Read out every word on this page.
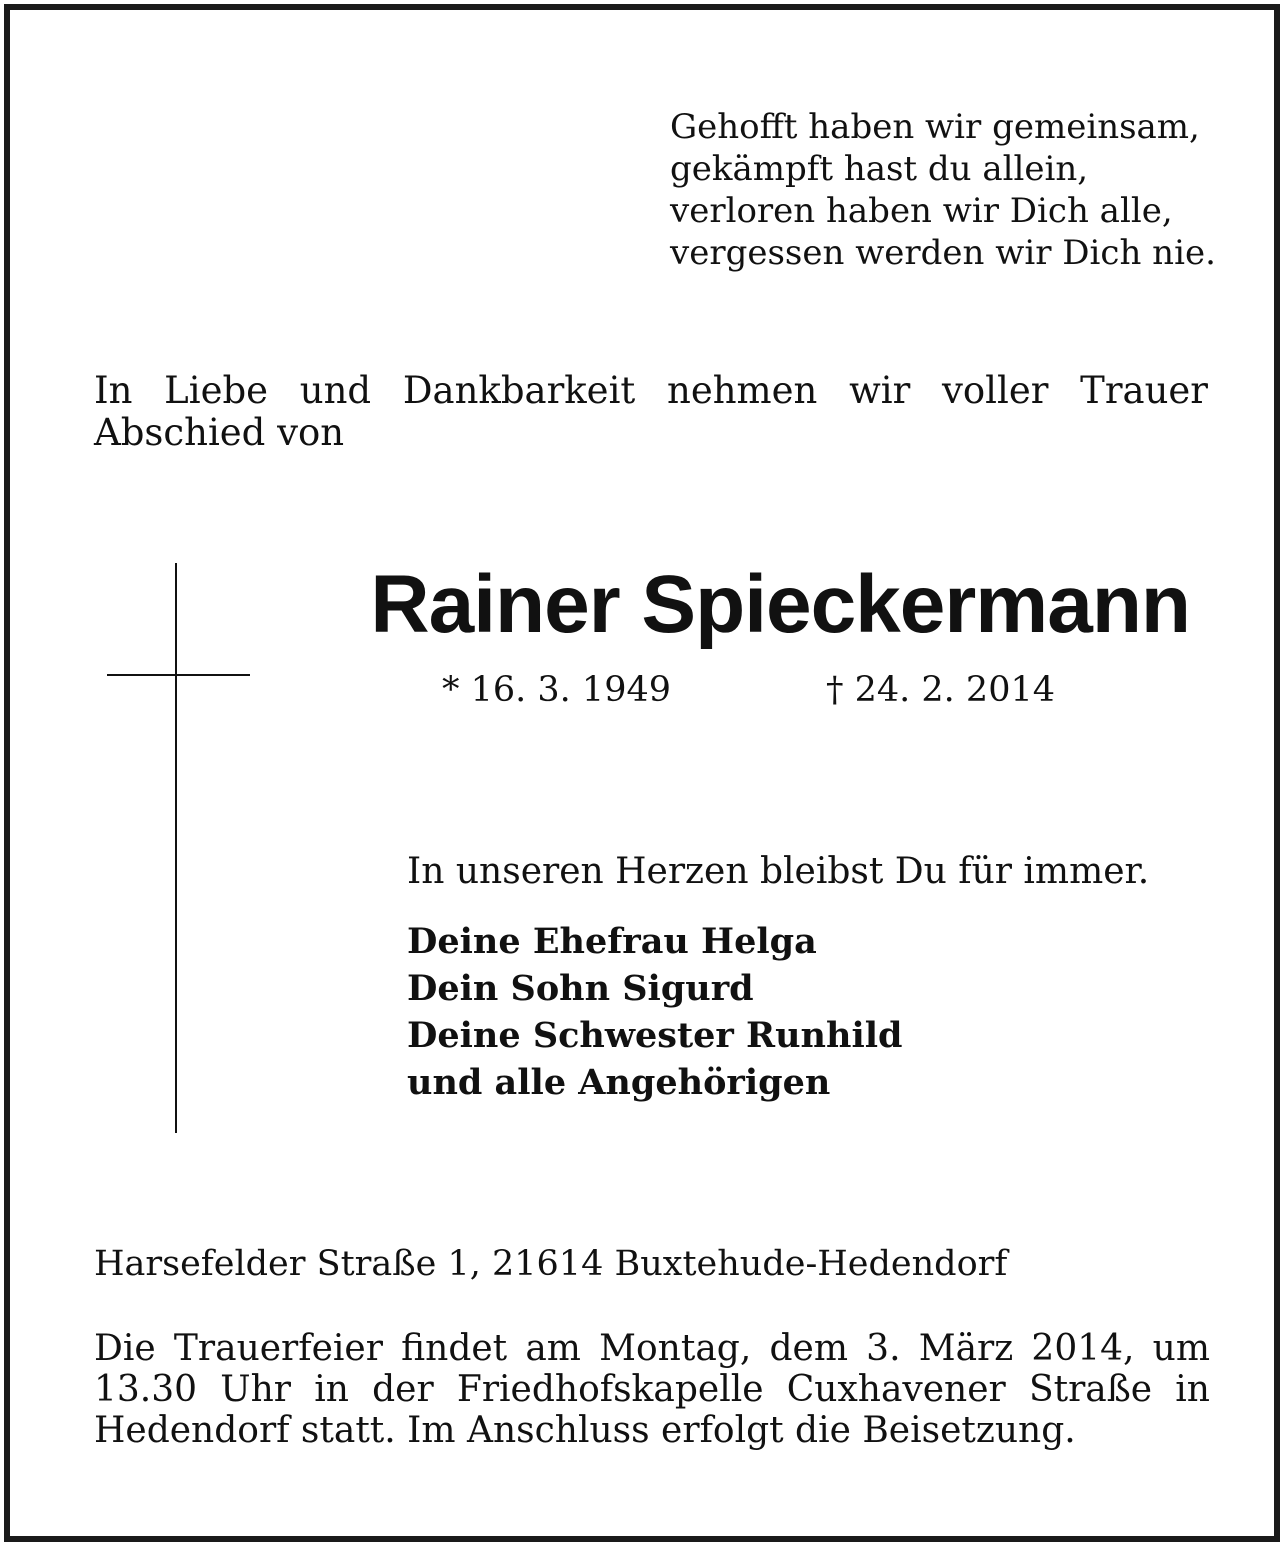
Gehofft haben wir gemeinsam,
gekämpft hast du allein,
verloren haben wir Dich alle,
vergessen werden wir Dich nie.
In Liebe und Dankbarkeit nehmen wir voller Trauer Abschied von
Rainer Spieckermann
* 16. 3. 1949	† 24. 2. 2014
In unseren Herzen bleibst Du für immer.
Deine Ehefrau Helga
Dein Sohn Sigurd
Deine Schwester Runhild
und alle Angehörigen
Harsefelder Straße 1, 21614 Buxtehude-Hedendorf
Die Trauerfeier findet am Montag, dem 3. März 2014, um 13.30 Uhr in der Friedhofskapelle Cuxhavener Straße in Hedendorf statt. Im Anschluss erfolgt die Beisetzung.
